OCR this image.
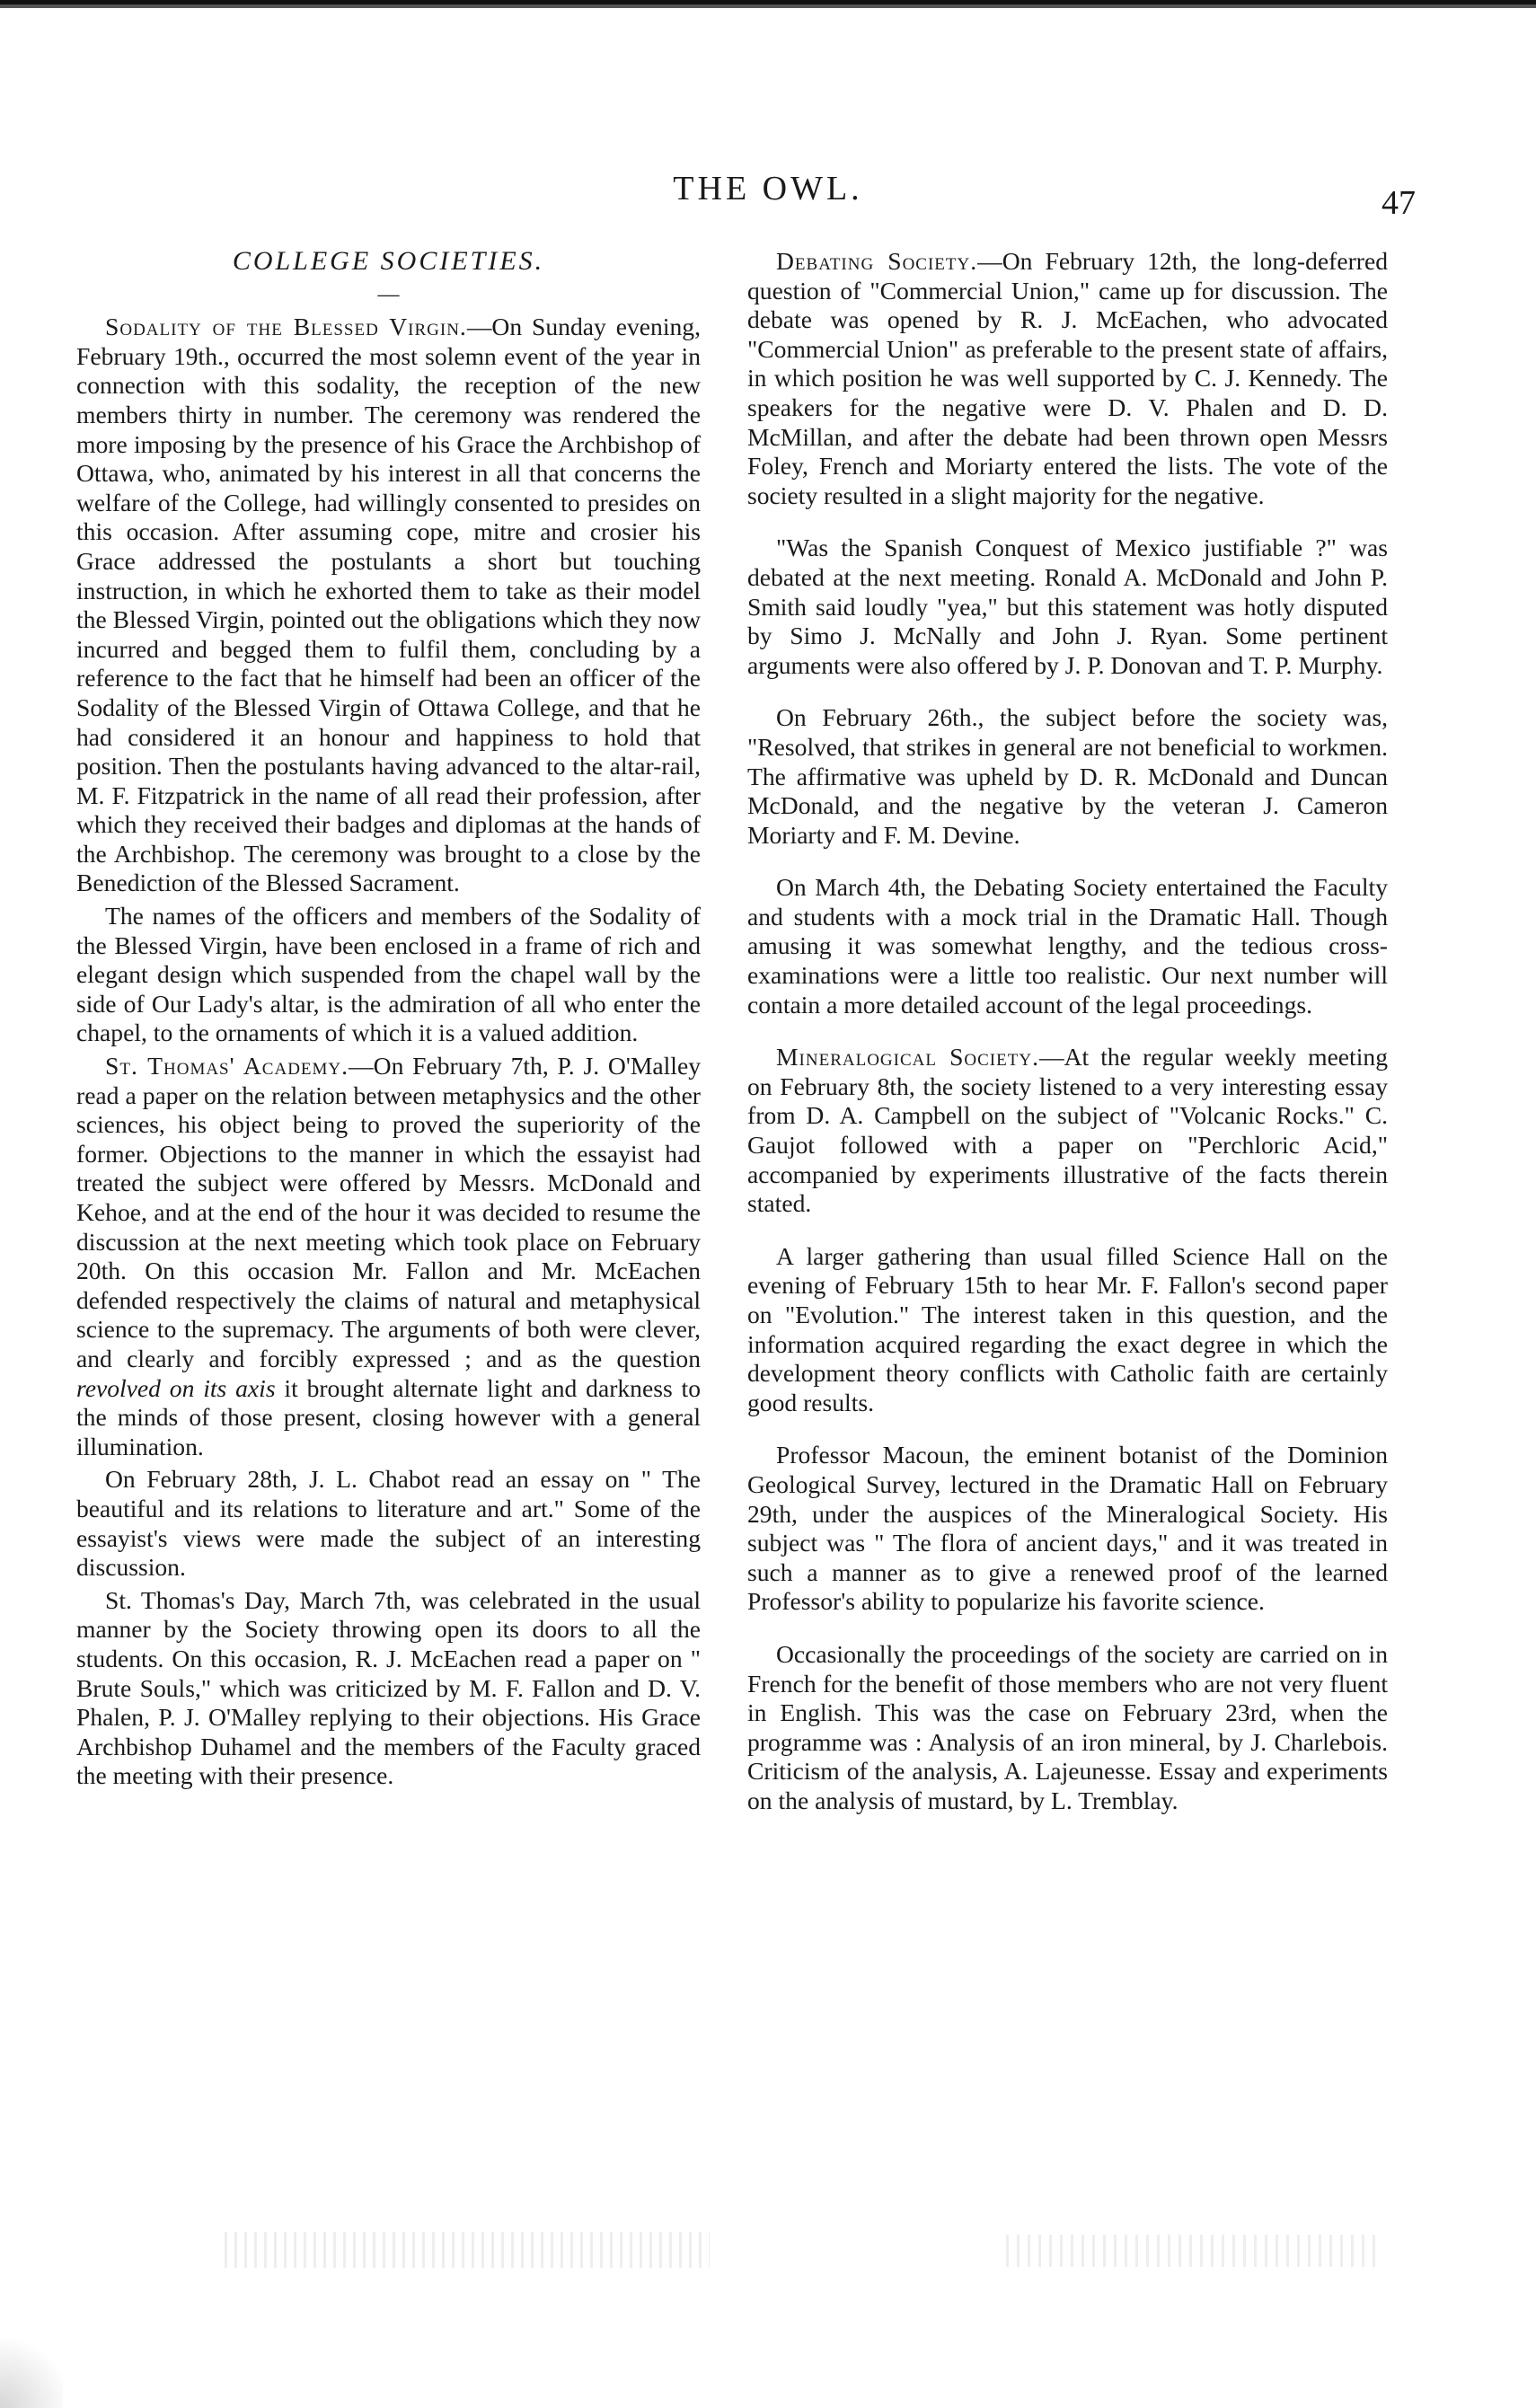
THE OWL.	47
COLLEGE SOCIETIES.
—

Sodality of the Blessed Virgin.—On Sunday evening, February 19th., occurred the most solemn event of the year in connection with this sodality, the reception of the new members thirty in number. The ceremony was rendered the more imposing by the presence of his Grace the Archbishop of Ottawa, who, animated by his interest in all that concerns the welfare of the College, had willingly consented to presides on this occasion. After assuming cope, mitre and crosier his Grace addressed the postulants a short but touching instruction, in which he exhorted them to take as their model the Blessed Virgin, pointed out the obligations which they now incurred and begged them to fulfil them, concluding by a reference to the fact that he himself had been an officer of the Sodality of the Blessed Virgin of Ottawa College, and that he had considered it an honour and happiness to hold that position. Then the postulants having advanced to the altar-rail, M. F. Fitzpatrick in the name of all read their profession, after which they received their badges and diplomas at the hands of the Archbishop. The ceremony was brought to a close by the Benediction of the Blessed Sacrament.

The names of the officers and members of the Sodality of the Blessed Virgin, have been enclosed in a frame of rich and elegant design which suspended from the chapel wall by the side of Our Lady's altar, is the admiration of all who enter the chapel, to the ornaments of which it is a valued addition.

St. Thomas' Academy.—On February 7th, P. J. O'Malley read a paper on the relation between metaphysics and the other sciences, his object being to proved the superiority of the former. Objections to the manner in which the essayist had treated the subject were offered by Messrs. McDonald and Kehoe, and at the end of the hour it was decided to resume the discussion at the next meeting which took place on February 20th. On this occasion Mr. Fallon and Mr. McEachen defended respectively the claims of natural and metaphysical science to the supremacy. The arguments of both were clever, and clearly and forcibly expressed ; and as the question revolved on its axis it brought alternate light and darkness to the minds of those present, closing however with a general illumination.

On February 28th, J. L. Chabot read an essay on " The beautiful and its relations to literature and art." Some of the essayist's views were made the subject of an interesting discussion.

St. Thomas's Day, March 7th, was celebrated in the usual manner by the Society throwing open its doors to all the students. On this occasion, R. J. McEachen read a paper on " Brute Souls," which was criticized by M. F. Fallon and D. V. Phalen, P. J. O'Malley replying to their objections. His Grace Archbishop Duhamel and the members of the Faculty graced the meeting with their presence.

Debating Society.—On February 12th, the long-deferred question of "Commercial Union," came up for discussion. The debate was opened by R. J. McEachen, who advocated "Commercial Union" as preferable to the present state of affairs, in which position he was well supported by C. J. Kennedy. The speakers for the negative were D. V. Phalen and D. D. McMillan, and after the debate had been thrown open Messrs Foley, French and Moriarty entered the lists. The vote of the society resulted in a slight majority for the negative.

"Was the Spanish Conquest of Mexico justifiable ?" was debated at the next meeting. Ronald A. McDonald and John P. Smith said loudly "yea," but this statement was hotly disputed by Simo J. McNally and John J. Ryan. Some pertinent arguments were also offered by J. P. Donovan and T. P. Murphy.

On February 26th., the subject before the society was, "Resolved, that strikes in general are not beneficial to workmen. The affirmative was upheld by D. R. McDonald and Duncan McDonald, and the negative by the veteran J. Cameron Moriarty and F. M. Devine.

On March 4th, the Debating Society entertained the Faculty and students with a mock trial in the Dramatic Hall. Though amusing it was somewhat lengthy, and the tedious cross-examinations were a little too realistic. Our next number will contain a more detailed account of the legal proceedings.

Mineralogical Society.—At the regular weekly meeting on February 8th, the society listened to a very interesting essay from D. A. Campbell on the subject of "Volcanic Rocks." C. Gaujot followed with a paper on "Perchloric Acid," accompanied by experiments illustrative of the facts therein stated.

A larger gathering than usual filled Science Hall on the evening of February 15th to hear Mr. F. Fallon's second paper on "Evolution." The interest taken in this question, and the information acquired regarding the exact degree in which the development theory conflicts with Catholic faith are certainly good results.

Professor Macoun, the eminent botanist of the Dominion Geological Survey, lectured in the Dramatic Hall on February 29th, under the auspices of the Mineralogical Society. His subject was " The flora of ancient days," and it was treated in such a manner as to give a renewed proof of the learned Professor's ability to popularize his favorite science.

Occasionally the proceedings of the society are carried on in French for the benefit of those members who are not very fluent in English. This was the case on February 23rd, when the programme was : Analysis of an iron mineral, by J. Charlebois. Criticism of the analysis, A. Lajeunesse. Essay and experiments on the analysis of mustard, by L. Tremblay.
